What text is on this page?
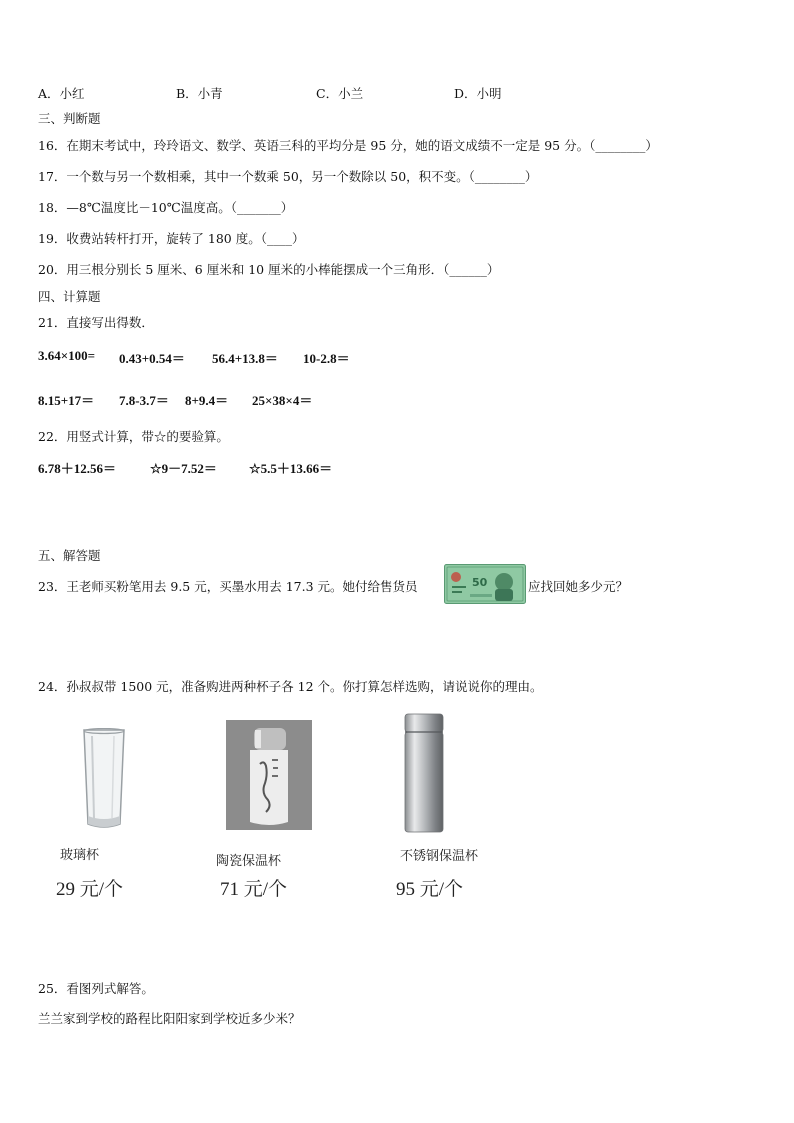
A．小红	B．小青	C．小兰	D．小明
三、判断题
16．在期末考试中，玲玲语文、数学、英语三科的平均分是 95 分，她的语文成绩不一定是 95 分。（________）
17．一个数与另一个数相乘，其中一个数乘 50，另一个数除以 50，积不变。（________）
18．—8℃温度比－10℃温度高。（_______）
19．收费站转杆打开，旋转了 180 度。（____）
20．用三根分别长 5 厘米、6 厘米和 10 厘米的小棒能摆成一个三角形．（______）
四、计算题
21．直接写出得数．
3.64×100= 0.43+0.54＝ 56.4+13.8＝ 10-2.8＝
8.15+17＝ 7.8-3.7＝ 8+9.4＝ 25×38×4＝
22．用竖式计算，带☆的要验算。
6.78＋12.56＝	☆9－7.52＝ ☆5.5＋13.66＝
五、解答题
23．王老师买粉笔用去 9.5 元，买墨水用去 17.3 元。她付给售货员	50	应找回她多少元？
24．孙叔叔带 1500 元，准备购进两种杯子各 12 个。你打算怎样选购，请说说你的理由。
玻璃杯	陶瓷保温杯	不锈钢保温杯
29 元/个	71 元/个	95 元/个
25．看图列式解答。
兰兰家到学校的路程比阳阳家到学校近多少米？
